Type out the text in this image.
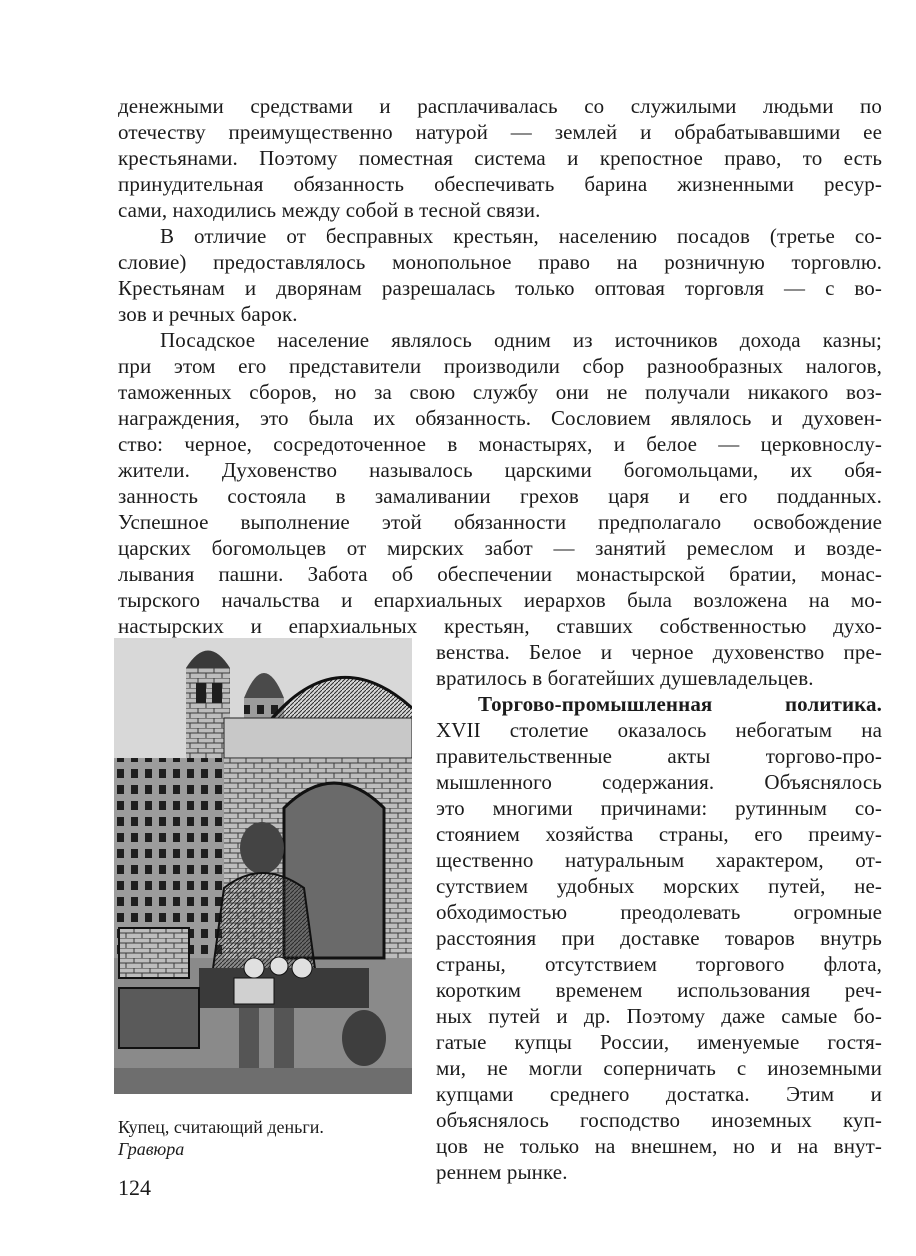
денежными средствами и расплачивалась со служилыми людьми по
отечеству преимущественно натурой — землей и обрабатывавшими ее
крестьянами. Поэтому поместная система и крепостное право, то есть
принудительная обязанность обеспечивать барина жизненными ресур-
сами, находились между собой в тесной связи.
В отличие от бесправных крестьян, населению посадов (третье со-
словие) предоставлялось монопольное право на розничную торговлю.
Крестьянам и дворянам разрешалась только оптовая торговля — с во-
зов и речных барок.
Посадское население являлось одним из источников дохода казны;
при этом его представители производили сбор разнообразных налогов,
таможенных сборов, но за свою службу они не получали никакого воз-
награждения, это была их обязанность. Сословием являлось и духовен-
ство: черное, сосредоточенное в монастырях, и белое — церковнослу-
жители. Духовенство называлось царскими богомольцами, их обя-
занность состояла в замаливании грехов царя и его подданных.
Успешное выполнение этой обязанности предполагало освобождение
царских богомольцев от мирских забот — занятий ремеслом и возде-
лывания пашни. Забота об обеспечении монастырской братии, монас-
тырского начальства и епархиальных иерархов была возложена на мо-
настырских и епархиальных крестьян, ставших собственностью духо-
венства. Белое и черное духовенство пре-
вратилось в богатейших душевладельцев.
Торгово-промышленная политика.
XVII столетие оказалось небогатым на
правительственные акты торгово-про-
мышленного содержания. Объяснялось
это многими причинами: рутинным со-
стоянием хозяйства страны, его преиму-
щественно натуральным характером, от-
сутствием удобных морских путей, не-
обходимостью преодолевать огромные
расстояния при доставке товаров внутрь
страны, отсутствием торгового флота,
коротким временем использования реч-
ных путей и др. Поэтому даже самые бо-
гатые купцы России, именуемые гостя-
ми, не могли соперничать с иноземными
купцами среднего достатка. Этим и
объяснялось господство иноземных куп-
цов не только на внешнем, но и на внут-
реннем рынке.
Купец, считающий деньги.
Гравюра
124
